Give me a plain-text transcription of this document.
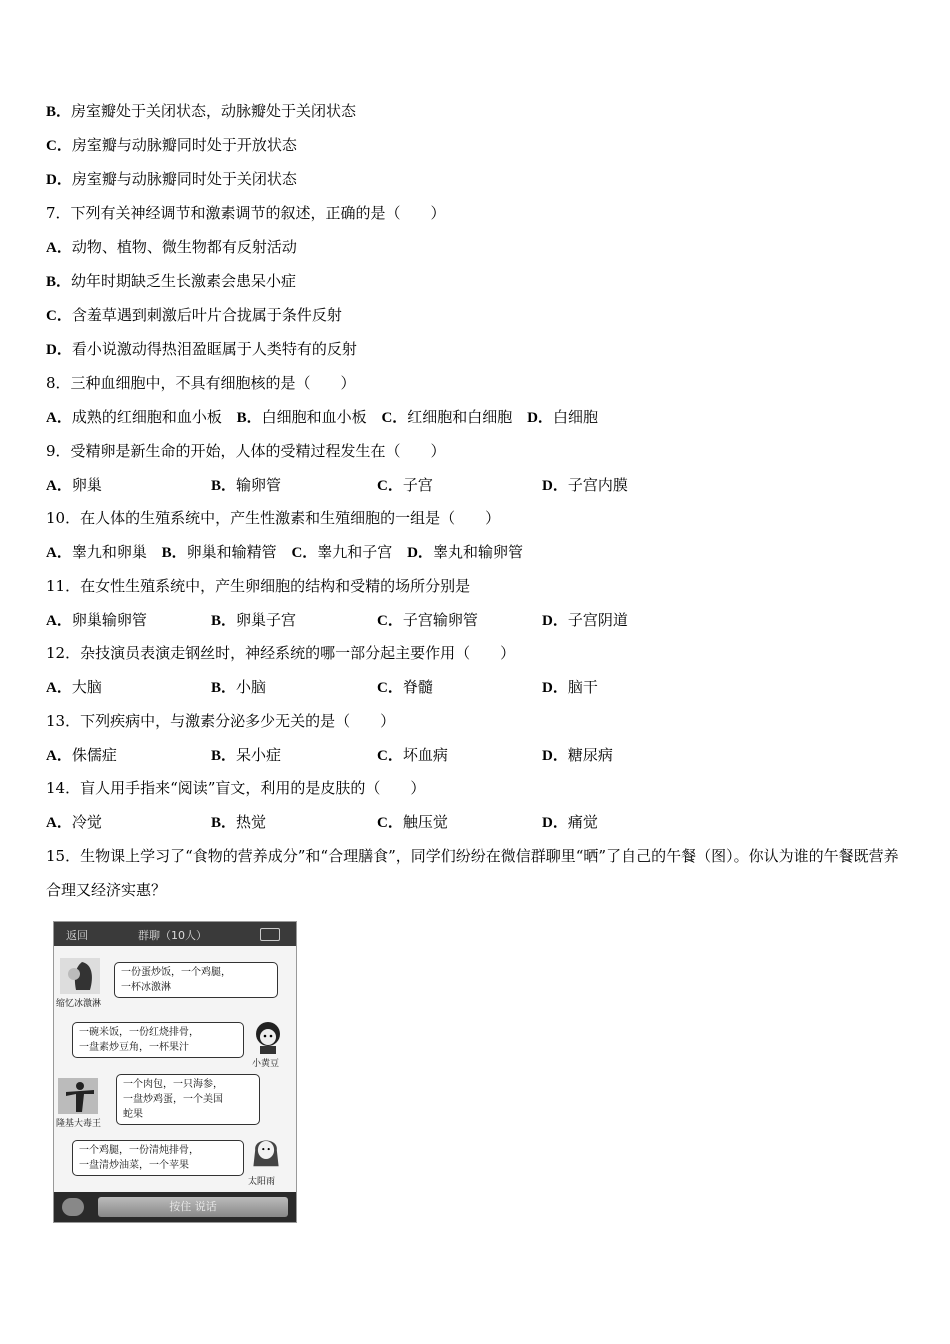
B．房室瓣处于关闭状态，动脉瓣处于关闭状态
C．房室瓣与动脉瓣同时处于开放状态
D．房室瓣与动脉瓣同时处于关闭状态
7．下列有关神经调节和激素调节的叙述，正确的是（　　）
A．动物、植物、微生物都有反射活动
B．幼年时期缺乏生长激素会患呆小症
C．含羞草遇到刺激后叶片合拢属于条件反射
D．看小说激动得热泪盈眶属于人类特有的反射
8．三种血细胞中，不具有细胞核的是（　　）
A．成熟的红细胞和血小板 B．白细胞和血小板 C．红细胞和白细胞 D．白细胞
9．受精卵是新生命的开始，人体的受精过程发生在（　　）
A．卵巢	B．输卵管	C．子宫	D．子宫内膜
10．在人体的生殖系统中，产生性激素和生殖细胞的一组是（　　）
A．睾九和卵巢 B．卵巢和输精管 C．睾九和子宫 D．睾丸和输卵管
11．在女性生殖系统中，产生卵细胞的结构和受精的场所分别是
A．卵巢输卵管	B．卵巢子宫	C．子宫输卵管	D．子宫阴道
12．杂技演员表演走钢丝时，神经系统的哪一部分起主要作用（　　）
A．大脑	B．小脑	C．脊髓	D．脑干
13．下列疾病中，与激素分泌多少无关的是（　　）
A．侏儒症	B．呆小症	C．坏血病	D．糖尿病
14．盲人用手指来“阅读”盲文，利用的是皮肤的（　　）
A．冷觉	B．热觉	C．触压觉	D．痛觉
15．生物课上学习了“食物的营养成分”和“合理膳食”，同学们纷纷在微信群聊里“晒”了自己的午餐（图）。你认为谁的午餐既营养合理又经济实惠？
返回	群聊（10人）
缩忆冰激淋
一份蛋炒饭，一个鸡腿，
一杯冰激淋
小黄豆
一碗米饭，一份红烧排骨，
一盘素炒豆角，一杯果汁
隆基大毒王
一个肉包，一只海参，
一盘炒鸡蛋，一个美国
蛇果
太阳雨
一个鸡腿，一份清炖排骨，
一盘清炒油菜，一个苹果
按住 说话
